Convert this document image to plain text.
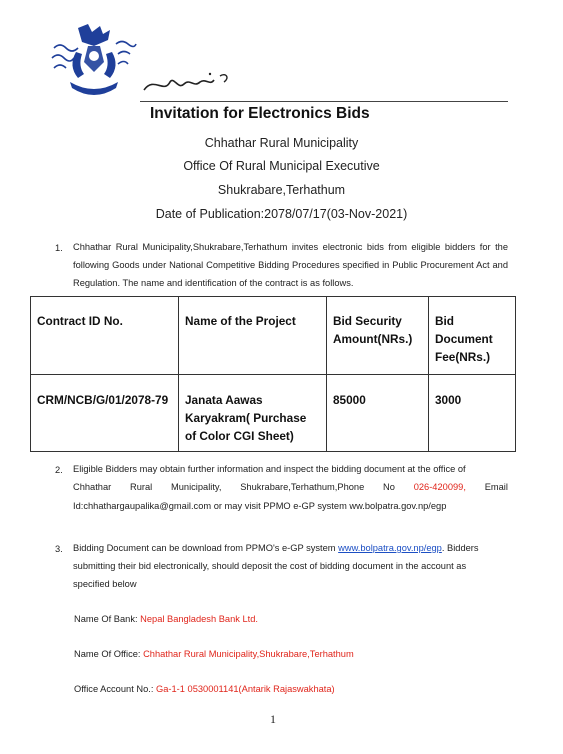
Invitation for Electronics Bids
Chhathar Rural Municipality
Office Of Rural Municipal Executive
Shukrabare,Terhathum
Date of Publication:2078/07/17(03-Nov-2021)
1. Chhathar Rural Municipality,Shukrabare,Terhathum invites electronic bids from eligible bidders for the following Goods under National Competitive Bidding Procedures specified in Public Procurement Act and Regulation. The name and identification of the contract is as follows.
Contract ID No.	Name of the Project	Bid Security Amount(NRs.)	Bid Document Fee(NRs.)
CRM/NCB/G/01/2078-79	Janata Aawas Karyakram( Purchase of Color CGI Sheet)	85000	3000
2. Eligible Bidders may obtain further information and inspect the bidding document at the office of
Chhathar Rural Municipality, Shukrabare,Terhathum,Phone No 026-420099, Email
Id:chhathargaupalika@gmail.com or may visit PPMO e-GP system ww.bolpatra.gov.np/egp
3. Bidding Document can be download from PPMO's e-GP system www.bolpatra.gov.np/egp. Bidders
submitting their bid electronically, should deposit the cost of bidding document in the account as
specified below
Name Of Bank: Nepal Bangladesh Bank Ltd.
Name Of Office: Chhathar Rural Municipality,Shukrabare,Terhathum
Office Account No.: Ga-1-1 0530001141(Antarik Rajaswakhata)
1
